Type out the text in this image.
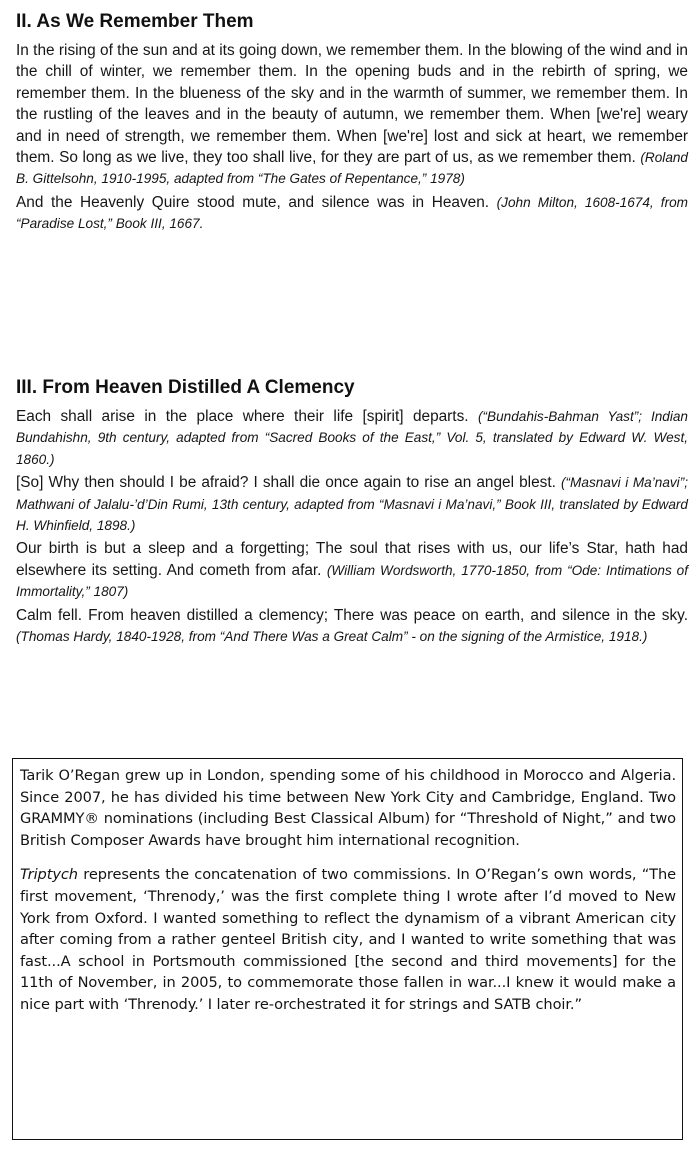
II. As We Remember Them

In the rising of the sun and at its going down, we remember them. In the blowing of the wind and in the chill of winter, we remember them. In the opening buds and in the rebirth of spring, we remember them. In the blueness of the sky and in the warmth of summer, we remember them. In the rustling of the leaves and in the beauty of autumn, we remember them. When [we're] weary and in need of strength, we remember them. When [we're] lost and sick at heart, we remember them. So long as we live, they too shall live, for they are part of us, as we remember them. (Roland B. Gittelsohn, 1910-1995, adapted from “The Gates of Repentance,” 1978)

And the Heavenly Quire stood mute, and silence was in Heaven. (John Milton, 1608-1674, from “Paradise Lost,” Book III, 1667.

III. From Heaven Distilled A Clemency

Each shall arise in the place where their life [spirit] departs. (“Bundahis-Bahman Yast”; Indian Bundahishn, 9th century, adapted from “Sacred Books of the East,” Vol. 5, translated by Edward W. West, 1860.)

[So] Why then should I be afraid? I shall die once again to rise an angel blest. (“Masnavi i Ma’navi”; Mathwani of Jalalu-’d’Din Rumi, 13th century, adapted from “Masnavi i Ma’navi,” Book III, translated by Edward H. Whinfield, 1898.)

Our birth is but a sleep and a forgetting; The soul that rises with us, our life’s Star, hath had elsewhere its setting. And cometh from afar. (William Wordsworth, 1770-1850, from “Ode: Intimations of Immortality,” 1807)

Calm fell. From heaven distilled a clemency; There was peace on earth, and silence in the sky. (Thomas Hardy, 1840-1928, from “And There Was a Great Calm” - on the signing of the Armistice, 1918.)

Tarik O’Regan grew up in London, spending some of his childhood in Morocco and Algeria. Since 2007, he has divided his time between New York City and Cambridge, England. Two GRAMMY® nominations (including Best Classical Album) for “Threshold of Night,” and two British Composer Awards have brought him international recognition.

Triptych represents the concatenation of two commissions. In O’Regan’s own words, “The first movement, ‘Threnody,’ was the first complete thing I wrote after I’d moved to New York from Oxford. I wanted something to reflect the dynamism of a vibrant American city after coming from a rather genteel British city, and I wanted to write something that was fast...A school in Portsmouth commissioned [the second and third movements] for the 11th of November, in 2005, to commemorate those fallen in war...I knew it would make a nice part with ‘Threnody.’ I later re-orchestrated it for strings and SATB choir.”
